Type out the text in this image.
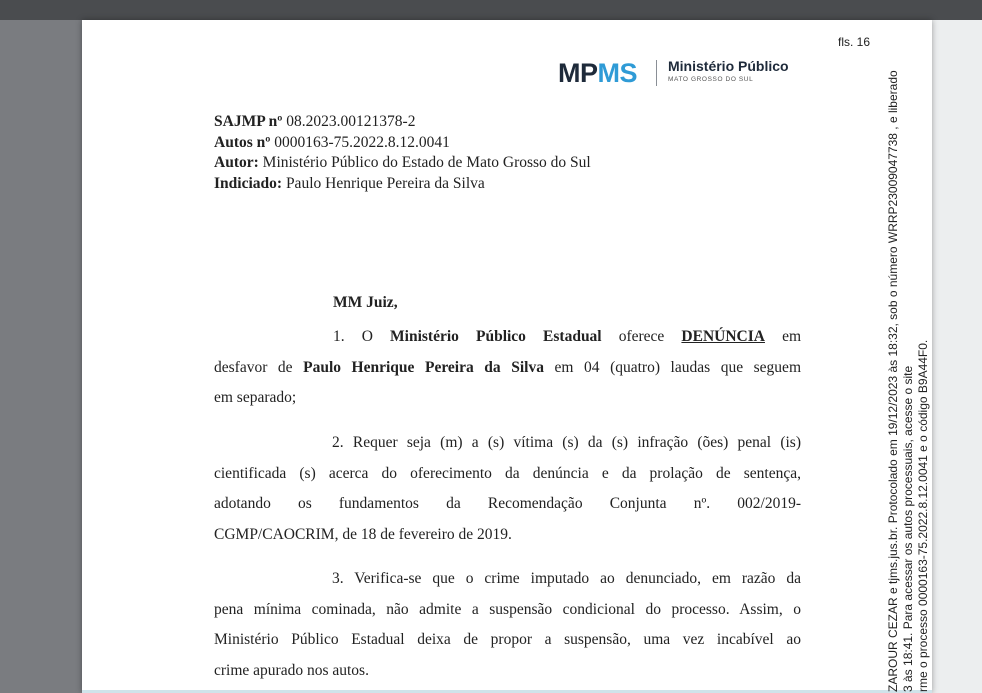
fls. 16
MPMS Ministério Público
MATO GROSSO DO SUL
SAJMP nº 08.2023.00121378-2
Autos nº 0000163-75.2022.8.12.0041
Autor: Ministério Público do Estado de Mato Grosso do Sul
Indiciado: Paulo Henrique Pereira da Silva
MM Juiz,
1. O Ministério Público Estadual oferece DENÚNCIA em
desfavor de Paulo Henrique Pereira da Silva em 04 (quatro) laudas que seguem
em separado;
2. Requer seja (m) a (s) vítima (s) da (s) infração (ões) penal (is)
cientificada (s) acerca do oferecimento da denúncia e da prolação de sentença,
adotando os fundamentos da Recomendação Conjunta nº. 002/2019-
CGMP/CAOCRIM, de 18 de fevereiro de 2019.
3. Verifica-se que o crime imputado ao denunciado, em razão da
pena mínima cominada, não admite a suspensão condicional do processo. Assim, o
Ministério Público Estadual deixa de propor a suspensão, uma vez incabível ao
crime apurado nos autos.	ZAROUR CEZAR e tjms.jus.br. Protocolado em 19/12/2023 às 18:32, sob o número WRRP23009047738 , e liberado 3 às 18:41. Para acessar os autos processuais, acesse o site rme o processo 0000163-75.2022.8.12.0041 e o código B9A44F0.
